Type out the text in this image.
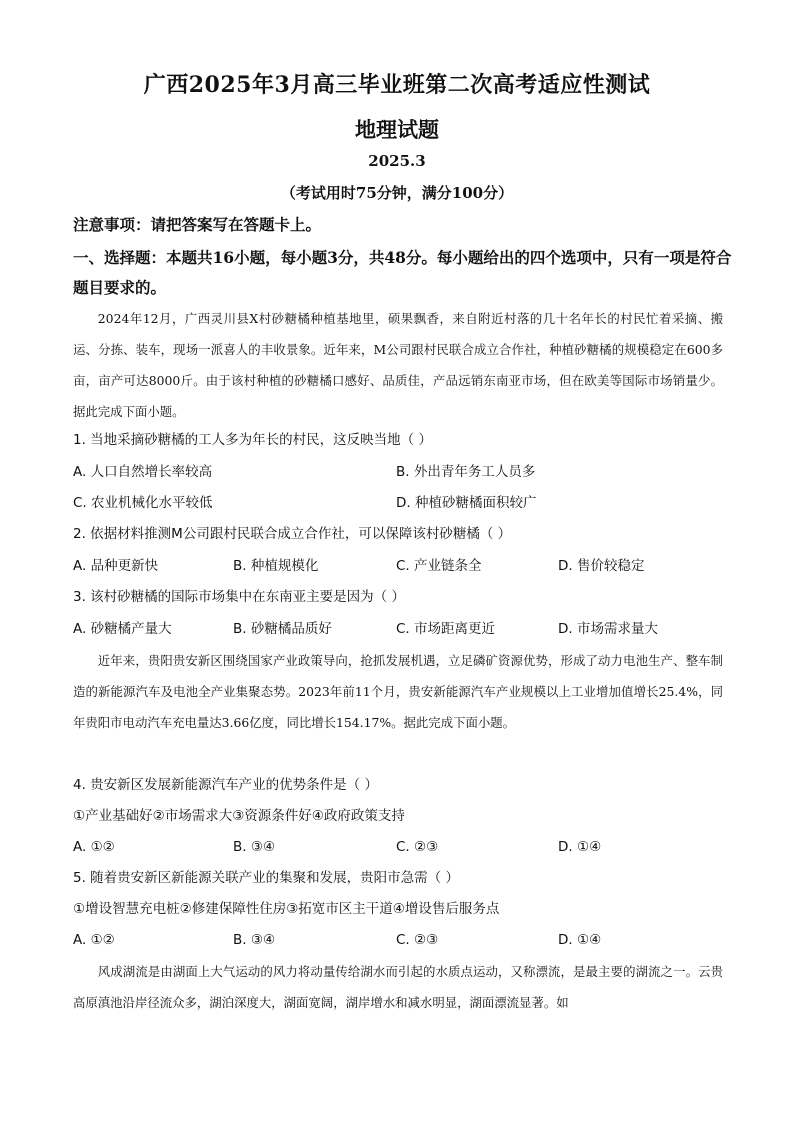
广西2025年3月高三毕业班第二次高考适应性测试
地理试题
2025.3
（考试用时75分钟，满分100分）
注意事项：请把答案写在答题卡上。
一、选择题：本题共16小题，每小题3分，共48分。每小题给出的四个选项中，只有一项是符合题目要求的。
2024年12月，广西灵川县X村砂糖橘种植基地里，硕果飘香，来自附近村落的几十名年长的村民忙着采摘、搬运、分拣、装车，现场一派喜人的丰收景象。近年来，M公司跟村民联合成立合作社，种植砂糖橘的规模稳定在600多亩，亩产可达8000斤。由于该村种植的砂糖橘口感好、品质佳，产品远销东南亚市场，但在欧美等国际市场销量少。据此完成下面小题。
1. 当地采摘砂糖橘的工人多为年长的村民，这反映当地（ ）
A. 人口自然增长率较高	B. 外出青年务工人员多
C. 农业机械化水平较低	D. 种植砂糖橘面积较广
2. 依据材料推测M公司跟村民联合成立合作社，可以保障该村砂糖橘（ ）
A. 品种更新快	B. 种植规模化	C. 产业链条全	D. 售价较稳定
3. 该村砂糖橘的国际市场集中在东南亚主要是因为（ ）
A. 砂糖橘产量大	B. 砂糖橘品质好	C. 市场距离更近	D. 市场需求量大
近年来，贵阳贵安新区围绕国家产业政策导向，抢抓发展机遇，立足磷矿资源优势，形成了动力电池生产、整车制造的新能源汽车及电池全产业集聚态势。2023年前11个月，贵安新能源汽车产业规模以上工业增加值增长25.4%，同年贵阳市电动汽车充电量达3.66亿度，同比增长154.17%。据此完成下面小题。
4. 贵安新区发展新能源汽车产业的优势条件是（ ）
①产业基础好②市场需求大③资源条件好④政府政策支持
A. ①②	B. ③④	C. ②③	D. ①④
5. 随着贵安新区新能源关联产业的集聚和发展，贵阳市急需（ ）
①增设智慧充电桩②修建保障性住房③拓宽市区主干道④增设售后服务点
A. ①②	B. ③④	C. ②③	D. ①④
风成湖流是由湖面上大气运动的风力将动量传给湖水而引起的水质点运动，又称漂流，是最主要的湖流之一。云贵高原滇池沿岸径流众多，湖泊深度大，湖面宽阔，湖岸增水和减水明显，湖面漂流显著。如
